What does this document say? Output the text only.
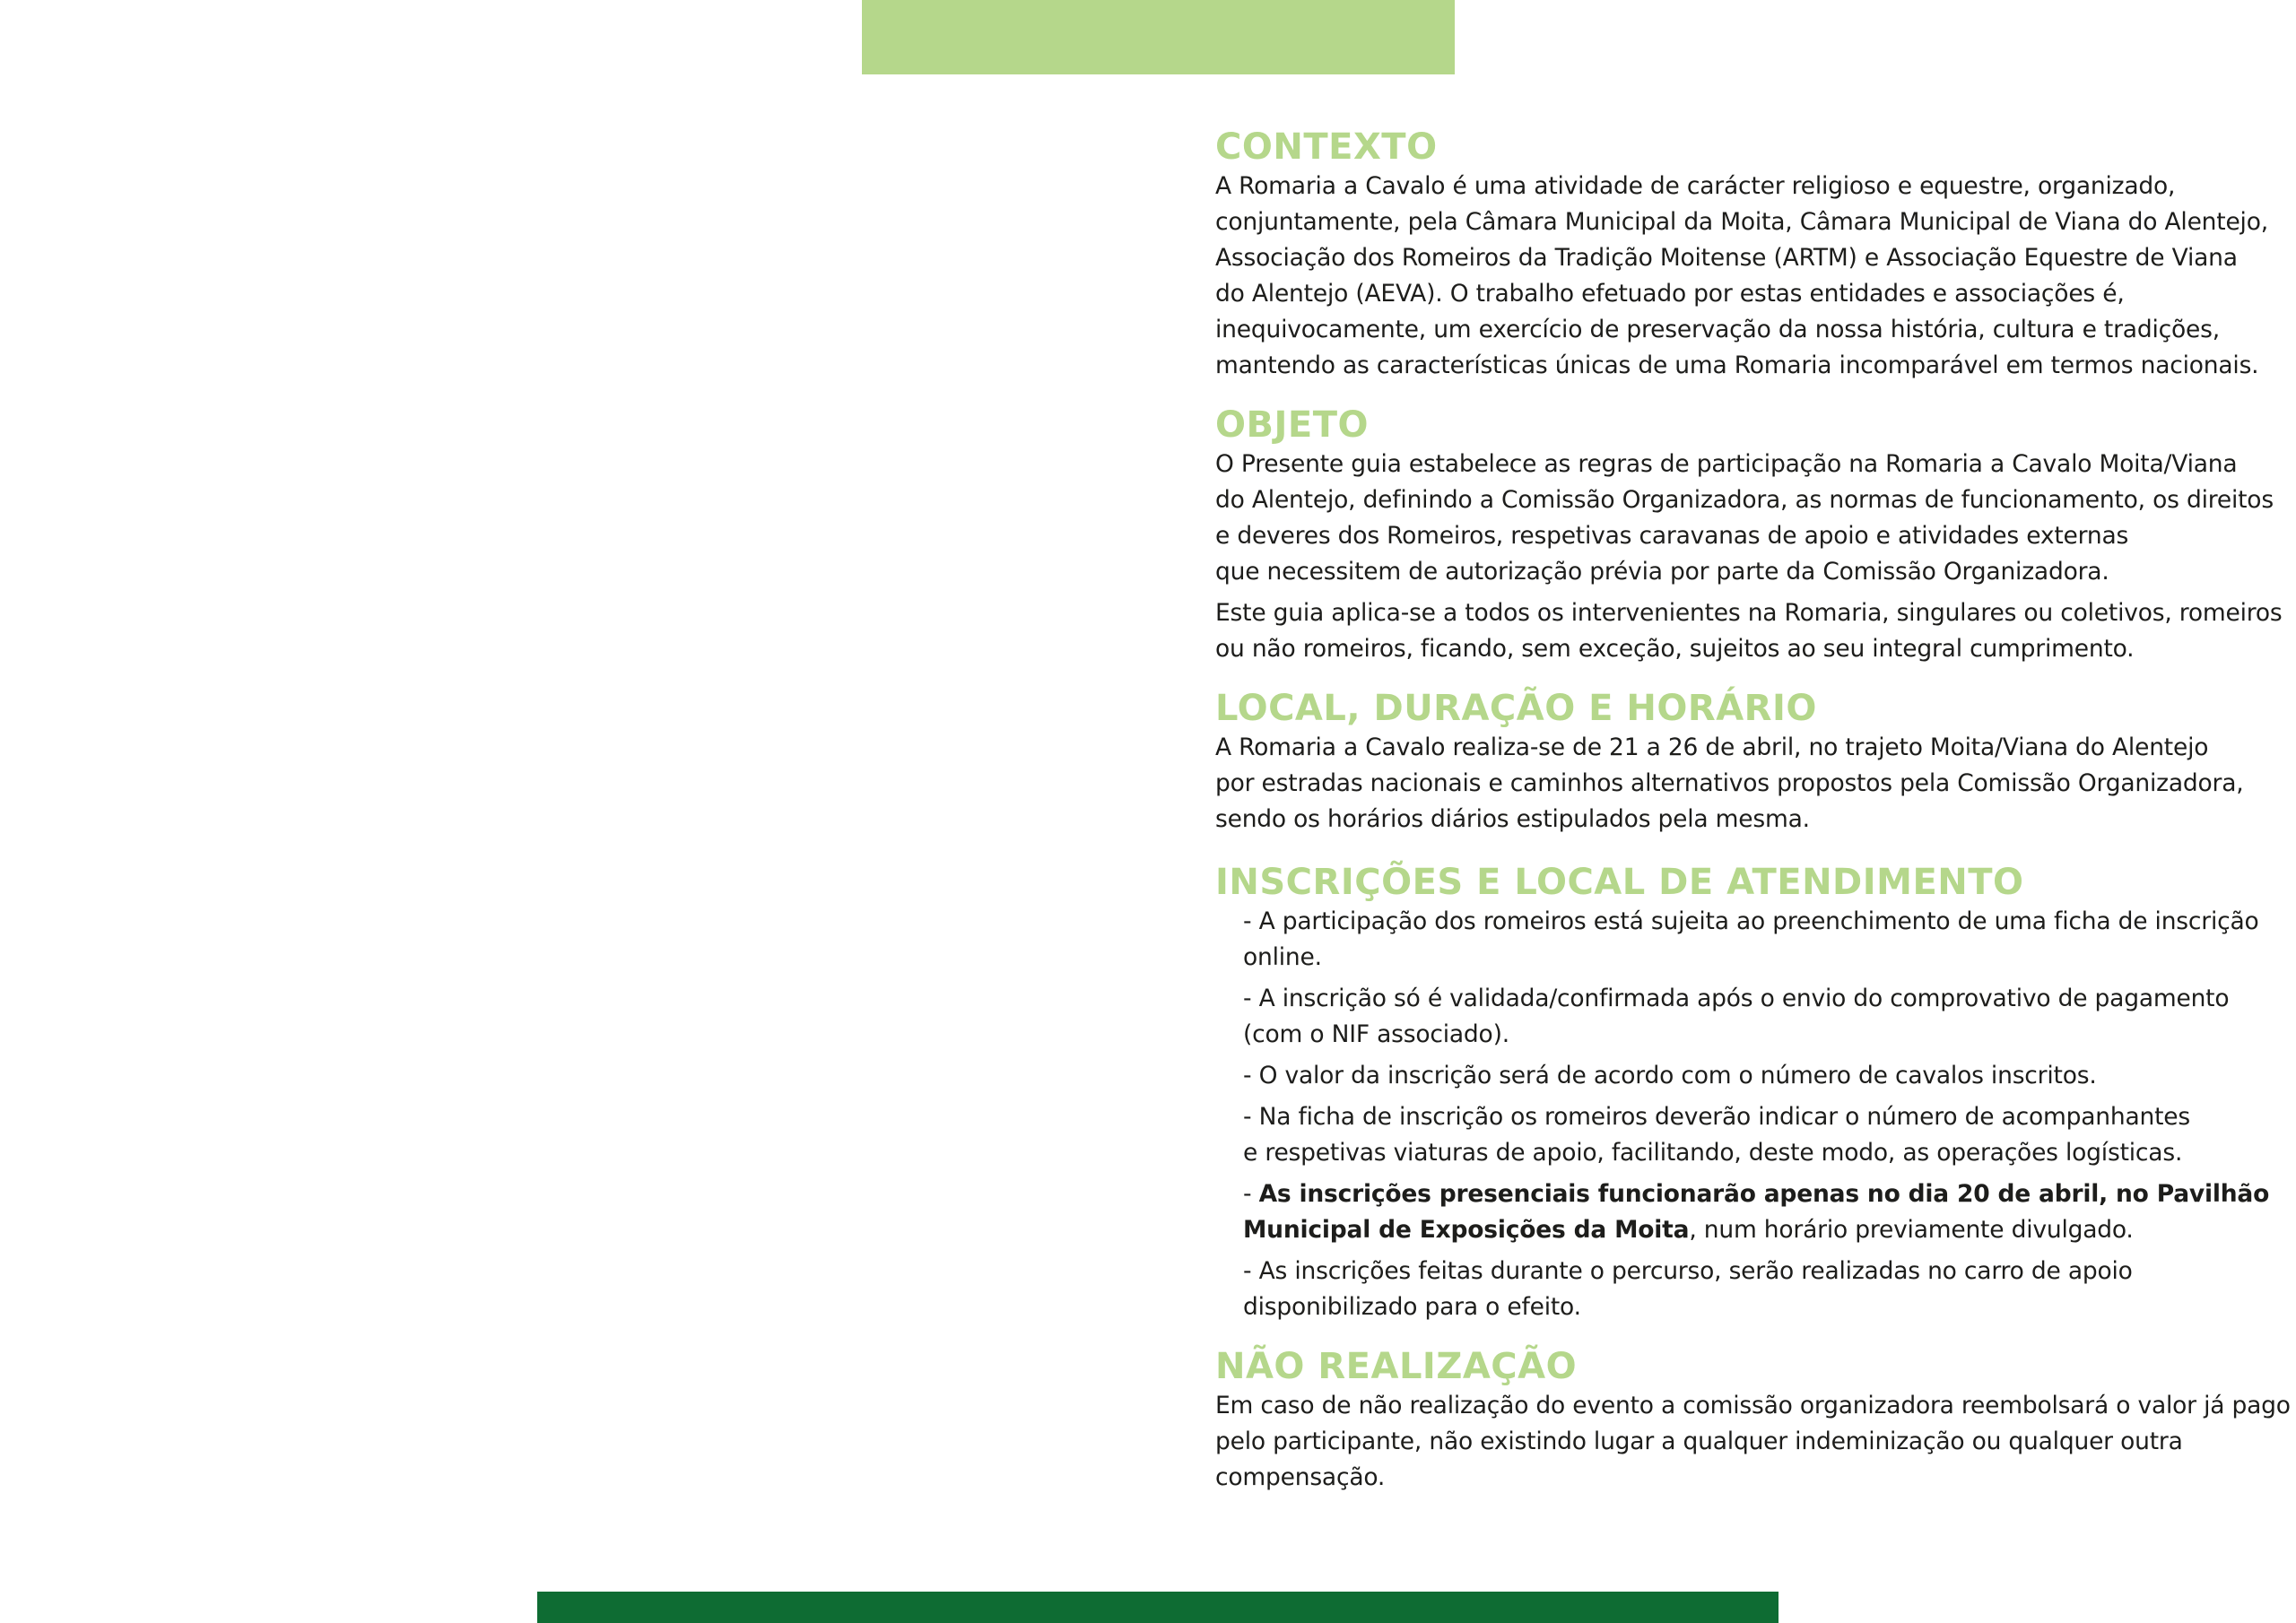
CONTEXTO

A Romaria a Cavalo é uma atividade de carácter religioso e equestre, organizado,
conjuntamente, pela Câmara Municipal da Moita, Câmara Municipal de Viana do Alentejo,
Associação dos Romeiros da Tradição Moitense (ARTM) e Associação Equestre de Viana
do Alentejo (AEVA). O trabalho efetuado por estas entidades e associações é,
inequivocamente, um exercício de preservação da nossa história, cultura e tradições,
mantendo as características únicas de uma Romaria incomparável em termos nacionais.

OBJETO

O Presente guia estabelece as regras de participação na Romaria a Cavalo Moita/Viana
do Alentejo, definindo a Comissão Organizadora, as normas de funcionamento, os direitos
e deveres dos Romeiros, respetivas caravanas de apoio e atividades externas
que necessitem de autorização prévia por parte da Comissão Organizadora.

Este guia aplica-se a todos os intervenientes na Romaria, singulares ou coletivos, romeiros
ou não romeiros, ficando, sem exceção, sujeitos ao seu integral cumprimento.

LOCAL, DURAÇÃO E HORÁRIO

A Romaria a Cavalo realiza-se de 21 a 26 de abril, no trajeto Moita/Viana do Alentejo
por estradas nacionais e caminhos alternativos propostos pela Comissão Organizadora,
sendo os horários diários estipulados pela mesma.

INSCRIÇÕES E LOCAL DE ATENDIMENTO
- A participação dos romeiros está sujeita ao preenchimento de uma ficha de inscrição
online.
- A inscrição só é validada/confirmada após o envio do comprovativo de pagamento
(com o NIF associado).
- O valor da inscrição será de acordo com o número de cavalos inscritos.
- Na ficha de inscrição os romeiros deverão indicar o número de acompanhantes
e respetivas viaturas de apoio, facilitando, deste modo, as operações logísticas.
- As inscrições presenciais funcionarão apenas no dia 20 de abril, no Pavilhão
Municipal de Exposições da Moita, num horário previamente divulgado.
- As inscrições feitas durante o percurso, serão realizadas no carro de apoio
disponibilizado para o efeito.
NÃO REALIZAÇÃO

Em caso de não realização do evento a comissão organizadora reembolsará o valor já pago
pelo participante, não existindo lugar a qualquer indeminização ou qualquer outra
compensação.
